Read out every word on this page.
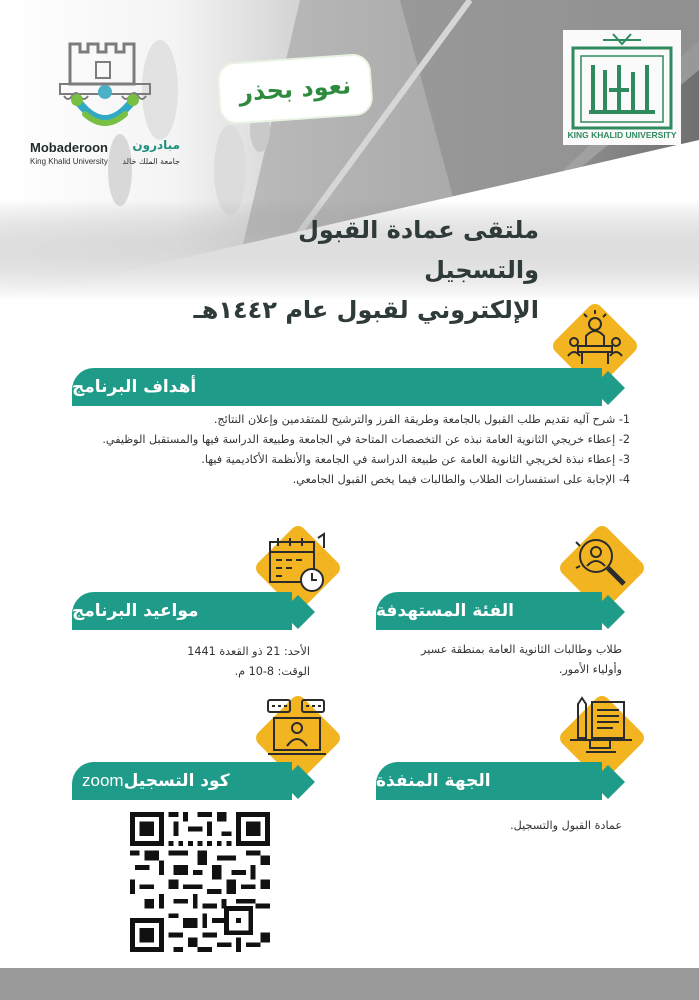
Mobaderoon مبادرون
King Khalid University جامعة الملك خالد
نعود بحذر
KING KHALID UNIVERSITY
ملتقى عمادة القبول والتسجيل
الإلكتروني لقبول عام ١٤٤٢هـ
أهداف البرنامج

1- شرح آليه تقديم طلب القبول بالجامعة وطريقة الفرز والترشيح للمتقدمين وإعلان النتائج.

2- إعطاء خريجي الثانوية العامة نبذه عن التخصصات المتاحة في الجامعة وطبيعة الدراسة فيها والمستقبل الوظيفي.

3- إعطاء نبذة لخريجي الثانوية العامة عن طبيعة الدراسة في الجامعة والأنظمة الأكاديمية فيها.

4- الإجابة على استفسارات الطلاب والطالبات فيما يخص القبول الجامعي.

مواعيد البرنامج
الأحد: 21 ذو القعدة 1441
الوقت: 8-10 م.
الفئة المستهدفة
طلاب وطالبات الثانوية العامة بمنطقة عسير وأولياء الأمور.
كود التسجيل
zoom	الجهة المنفذة
عمادة القبول والتسجيل.
